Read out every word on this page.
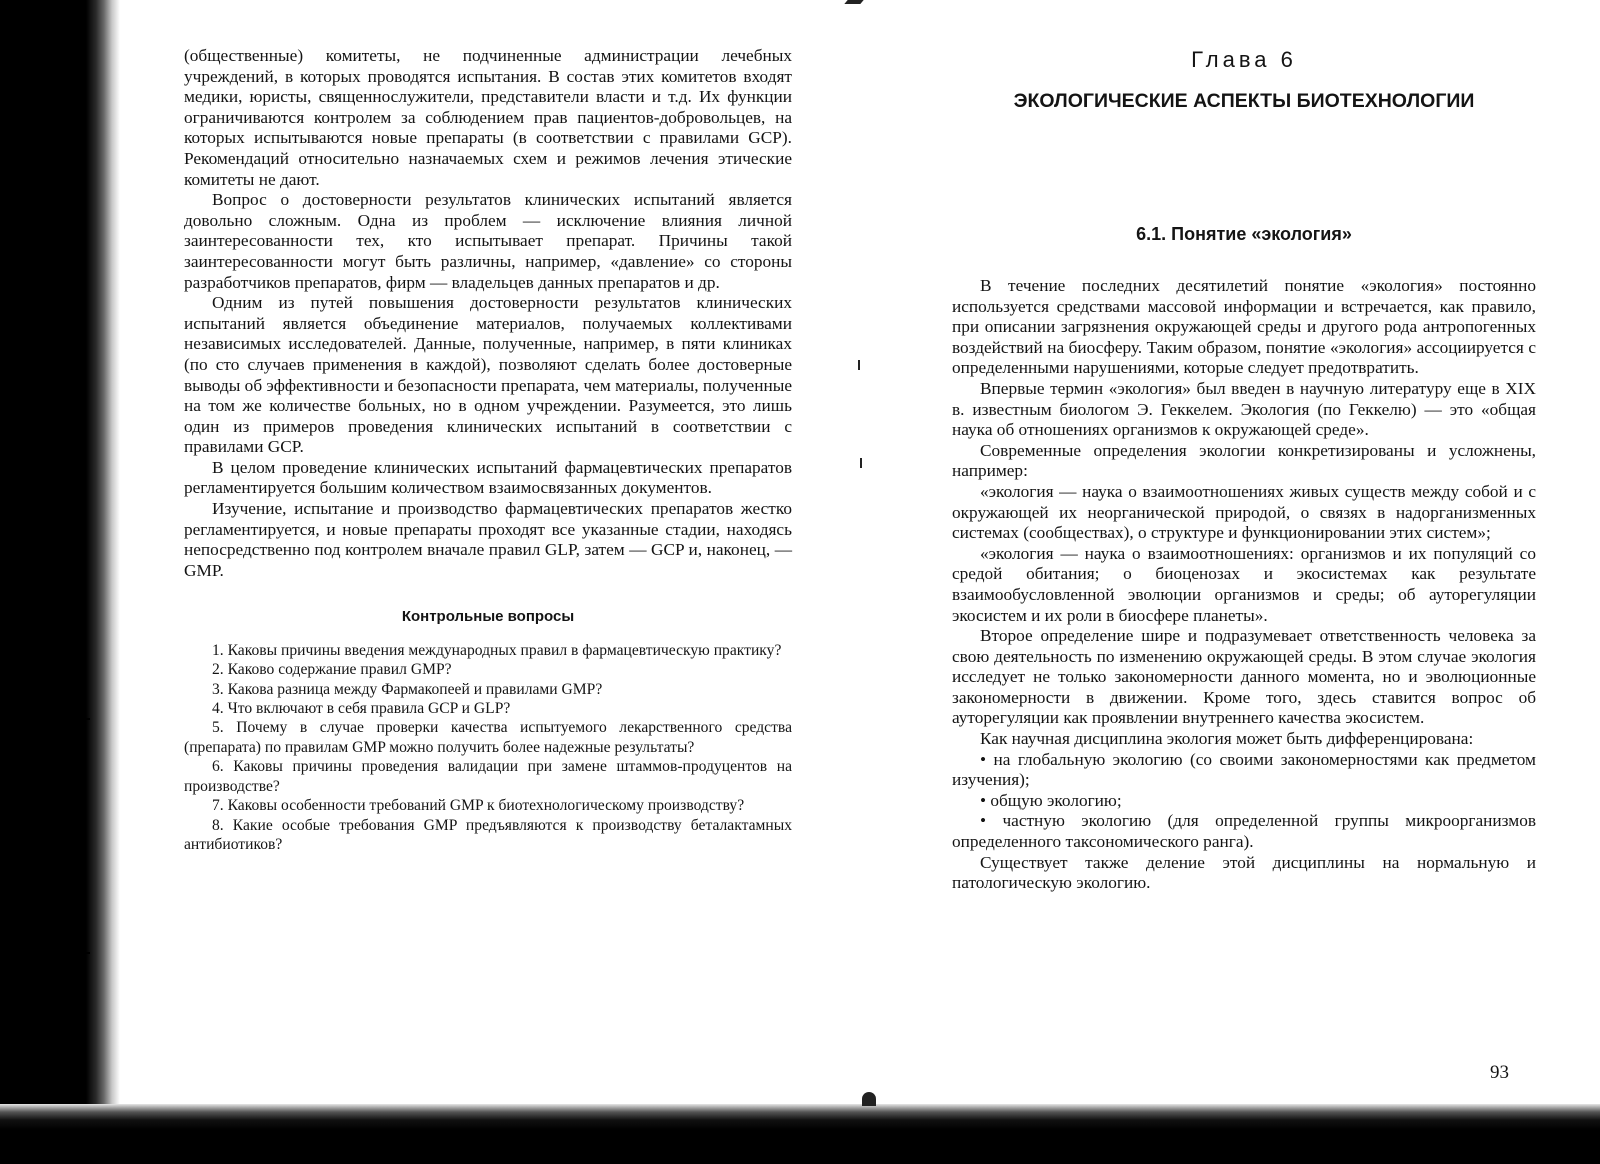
(общественные) комитеты, не подчиненные администрации лечебных учреждений, в которых проводятся испытания. В состав этих комитетов входят медики, юристы, священнослужители, представители власти и т.д. Их функции ограничиваются контролем за соблюдением прав пациентов-добровольцев, на которых испытываются новые препараты (в соответствии с правилами GCP). Рекомендаций относительно назначаемых схем и режимов лечения этические комитеты не дают.

Вопрос о достоверности результатов клинических испытаний является довольно сложным. Одна из проблем — исключение влияния личной заинтересованности тех, кто испытывает препарат. Причины такой заинтересованности могут быть различны, например, «давление» со стороны разработчиков препаратов, фирм — владельцев данных препаратов и др.

Одним из путей повышения достоверности результатов клинических испытаний является объединение материалов, получаемых коллективами независимых исследователей. Данные, полученные, например, в пяти клиниках (по сто случаев применения в каждой), позволяют сделать более достоверные выводы об эффективности и безопасности препарата, чем материалы, полученные на том же количестве больных, но в одном учреждении. Разумеется, это лишь один из примеров проведения клинических испытаний в соответствии с правилами GCP.

В целом проведение клинических испытаний фармацевтических препаратов регламентируется большим количеством взаимосвязанных документов.

Изучение, испытание и производство фармацевтических препаратов жестко регламентируется, и новые препараты проходят все указанные стадии, находясь непосредственно под контролем вначале правил GLP, затем — GCP и, наконец, — GMP.

Контрольные вопросы

1. Каковы причины введения международных правил в фармацевтическую практику?

2. Каково содержание правил GMP?

3. Какова разница между Фармакопеей и правилами GMP?

4. Что включают в себя правила GCP и GLP?

5. Почему в случае проверки качества испытуемого лекарственного средства (препарата) по правилам GMP можно получить более надежные результаты?

6. Каковы причины проведения валидации при замене штаммов-продуцентов на производстве?

7. Каковы особенности требований GMP к биотехнологическому производству?

8. Какие особые требования GMP предъявляются к производству беталактамных антибиотиков?

Глава 6

ЭКОЛОГИЧЕСКИЕ АСПЕКТЫ БИОТЕХНОЛОГИИ

6.1. Понятие «экология»

В течение последних десятилетий понятие «экология» постоянно используется средствами массовой информации и встречается, как правило, при описании загрязнения окружающей среды и другого рода антропогенных воздействий на биосферу. Таким образом, понятие «экология» ассоциируется с определенными нарушениями, которые следует предотвратить.

Впервые термин «экология» был введен в научную литературу еще в XIX в. известным биологом Э. Геккелем. Экология (по Геккелю) — это «общая наука об отношениях организмов к окружающей среде».

Современные определения экологии конкретизированы и усложнены, например:

«экология — наука о взаимоотношениях живых существ между собой и с окружающей их неорганической природой, о связях в надорганизменных системах (сообществах), о структуре и функционировании этих систем»;

«экология — наука о взаимоотношениях: организмов и их популяций со средой обитания; о биоценозах и экосистемах как результате взаимообусловленной эволюции организмов и среды; об ауторегуляции экосистем и их роли в биосфере планеты».

Второе определение шире и подразумевает ответственность человека за свою деятельность по изменению окружающей среды. В этом случае экология исследует не только закономерности данного момента, но и эволюционные закономерности в движении. Кроме того, здесь ставится вопрос об ауторегуляции как проявлении внутреннего качества экосистем.

Как научная дисциплина экология может быть дифференцирована:

• на глобальную экологию (со своими закономерностями как предметом изучения);

• общую экологию;

• частную экологию (для определенной группы микроорганизмов определенного таксономического ранга).

Существует также деление этой дисциплины на нормальную и патологическую экологию.

93
